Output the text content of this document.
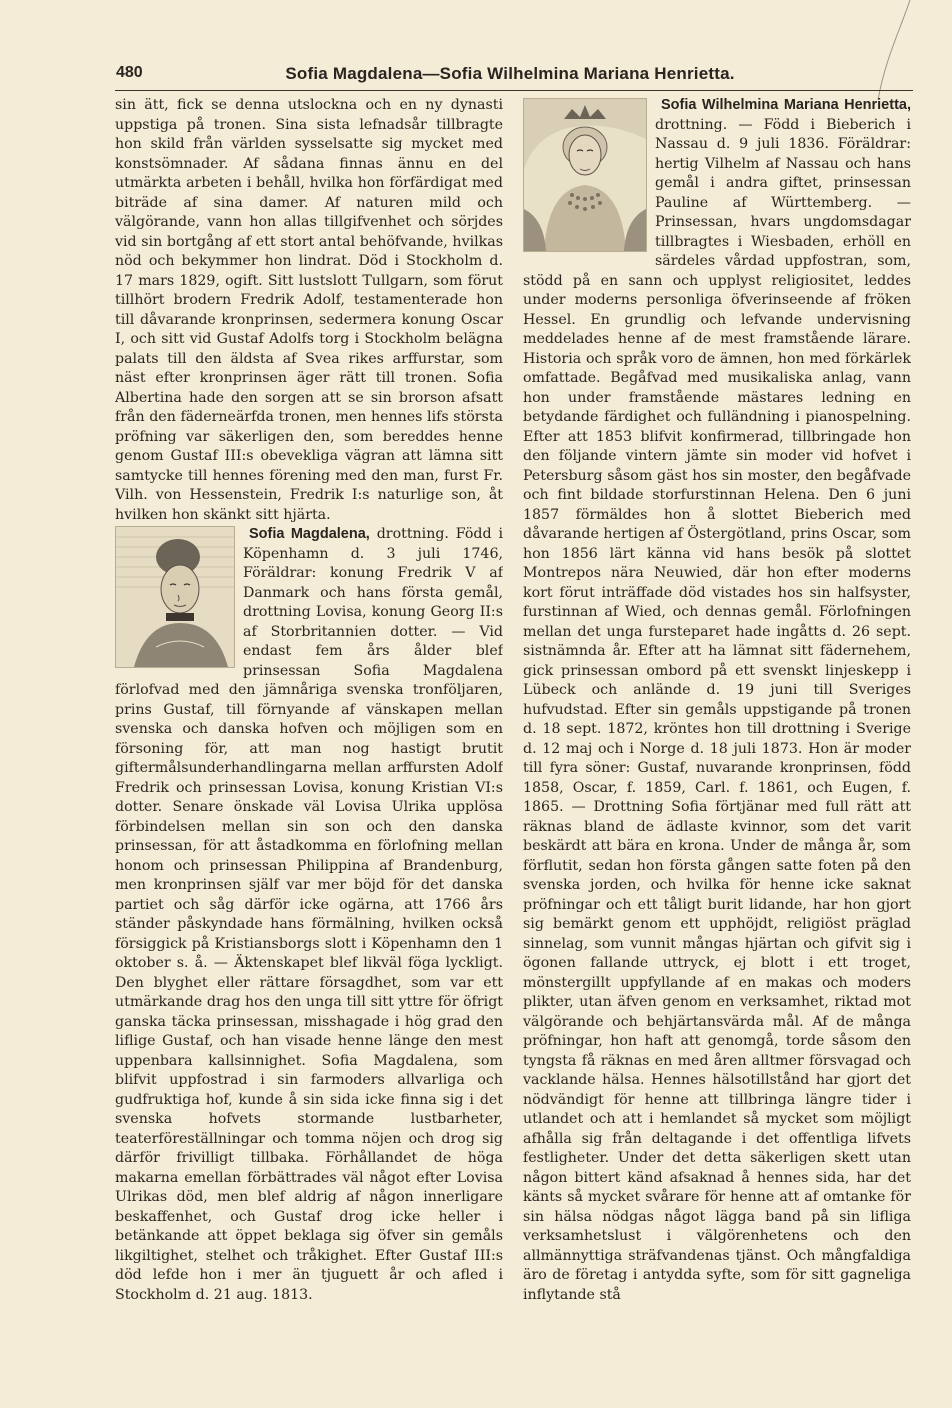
480	Sofia Magdalena—Sofia Wilhelmina Mariana Henrietta.

sin ätt, fick se denna utslockna och en ny dynasti uppstiga på tronen. Sina sista lefnadsår tillbragte hon skild från världen sysselsatte sig mycket med konstsömnader. Af sådana finnas ännu en del utmärkta arbeten i behåll, hvilka hon förfärdigat med biträde af sina damer. Af naturen mild och välgörande, vann hon allas tillgifvenhet och sörjdes vid sin bortgång af ett stort antal behöfvande, hvilkas nöd och bekymmer hon lindrat. Död i Stockholm d. 17 mars 1829, ogift. Sitt lustslott Tullgarn, som förut tillhört brodern Fredrik Adolf, testamenterade hon till dåvarande kronprinsen, sedermera konung Oscar I, och sitt vid Gustaf Adolfs torg i Stockholm belägna palats till den äldsta af Svea rikes arffurstar, som näst efter kronprinsen äger rätt till tronen. Sofia Albertina hade den sorgen att se sin brorson afsatt från den fäderneärfda tronen, men hennes lifs största pröfning var säkerligen den, som bereddes henne genom Gustaf III:s obevekliga vägran att lämna sitt samtycke till hennes förening med den man, furst Fr. Vilh. von Hessenstein, Fredrik I:s naturlige son, åt hvilken hon skänkt sitt hjärta.

Sofia Magdalena,
drottning. Född i Köpenhamn d. 3 juli 1746, Föräldrar: konung Fredrik V af Danmark och hans första gemål, drottning Lovisa, konung Georg II:s af Storbritannien dotter. — Vid endast fem års ålder blef prinsessan Sofia Magdalena förlofvad med den jämnåriga svenska tronföljaren, prins Gustaf, till förnyande af vänskapen mellan svenska och danska hofven och möjligen som en försoning för, att man nog hastigt brutit giftermålsunderhandlingarna mellan arffursten Adolf Fredrik och prinsessan Lovisa, konung Kristian VI:s dotter. Senare önskade väl Lovisa Ulrika upplösa förbindelsen mellan sin son och den danska prinsessan, för att åstadkomma en förlofning mellan honom och prinsessan Philippina af Brandenburg, men kronprinsen själf var mer böjd för det danska partiet och såg därför icke ogärna, att 1766 års ständer påskyndade hans förmälning, hvilken också försiggick på Kristiansborgs slott i Köpenhamn den 1 oktober s. å. — Äktenskapet blef likväl föga lyckligt. Den blyghet eller rättare försagdhet, som var ett utmärkande drag hos den unga till sitt yttre för öfrigt ganska täcka prinsessan, misshagade i hög grad den liflige Gustaf, och han visade henne länge den mest uppenbara kallsinnighet. Sofia Magdalena, som blifvit uppfostrad i sin farmoders allvarliga och gudfruktiga hof, kunde å sin sida icke finna sig i det svenska hofvets stormande lustbarheter, teaterföreställningar och tomma nöjen och drog sig därför frivilligt tillbaka. Förhållandet de höga makarna emellan förbättrades väl något efter Lovisa Ulrikas död, men blef aldrig af någon innerligare beskaffenhet, och Gustaf drog icke heller i betänkande att öppet beklaga sig öfver sin gemåls likgiltighet, stelhet och tråkighet. Efter Gustaf III:s död lefde hon i mer än tjuguett år och afled i Stockholm d. 21 aug. 1813.

Sofia Wilhelmina Mariana Henrietta,
drottning. — Född i Bieberich i Nassau d. 9 juli 1836. Föräldrar: hertig Vilhelm af Nassau och hans gemål i andra giftet, prinsessan Pauline af Württemberg. — Prinsessan, hvars ungdomsdagar tillbragtes i Wiesbaden, erhöll en särdeles vårdad uppfostran, som, stödd på en sann och upplyst religiositet, leddes under moderns personliga öfverinseende af fröken Hessel. En grundlig och lefvande undervisning meddelades henne af de mest framstående lärare. Historia och språk voro de ämnen, hon med förkärlek omfattade. Begåfvad med musikaliska anlag, vann hon under framstående mästares ledning en betydande färdighet och fulländning i pianospelning. Efter att 1853 blifvit konfirmerad, tillbringade hon den följande vintern jämte sin moder vid hofvet i Petersburg såsom gäst hos sin moster, den begåfvade och fint bildade storfurstinnan Helena. Den 6 juni 1857 förmäldes hon å slottet Bieberich med dåvarande hertigen af Östergötland, prins Oscar, som hon 1856 lärt känna vid hans besök på slottet Montrepos nära Neuwied, där hon efter moderns kort förut inträffade död vistades hos sin halfsyster, furstinnan af Wied, och dennas gemål. Förlofningen mellan det unga fursteparet hade ingåtts d. 26 sept. sistnämnda år. Efter att ha lämnat sitt fädernehem, gick prinsessan ombord på ett svenskt linjeskepp i Lübeck och anlände d. 19 juni till Sveriges hufvudstad. Efter sin gemåls uppstigande på tronen d. 18 sept. 1872, kröntes hon till drottning i Sverige d. 12 maj och i Norge d. 18 juli 1873. Hon är moder till fyra söner: Gustaf, nuvarande kronprinsen, född 1858, Oscar, f. 1859, Carl. f. 1861, och Eugen, f. 1865. — Drottning Sofia förtjänar med full rätt att räknas bland de ädlaste kvinnor, som det varit beskärdt att bära en krona. Under de många år, som förflutit, sedan hon första gången satte foten på den svenska jorden, och hvilka för henne icke saknat pröfningar och ett tåligt burit lidande, har hon gjort sig bemärkt genom ett upphöjdt, religiöst präglad sinnelag, som vunnit mångas hjärtan och gifvit sig i ögonen fallande uttryck, ej blott i ett troget, mönstergillt uppfyllande af en makas och moders plikter, utan äfven genom en verksamhet, riktad mot välgörande och behjärtansvärda mål. Af de många pröfningar, hon haft att genomgå, torde såsom den tyngsta få räknas en med åren alltmer försvagad och vacklande hälsa. Hennes hälsotillstånd har gjort det nödvändigt för henne att tillbringa längre tider i utlandet och att i hemlandet så mycket som möjligt afhålla sig från deltagande i det offentliga lifvets festligheter. Under det detta säkerligen skett utan någon bittert känd afsaknad å hennes sida, har det känts så mycket svårare för henne att af omtanke för sin hälsa nödgas något lägga band på sin lifliga verksamhetslust i välgörenhetens och den allmännyttiga sträfvandenas tjänst. Och mångfaldiga äro de företag i antydda syfte, som för sitt gagneliga inflytande stå
